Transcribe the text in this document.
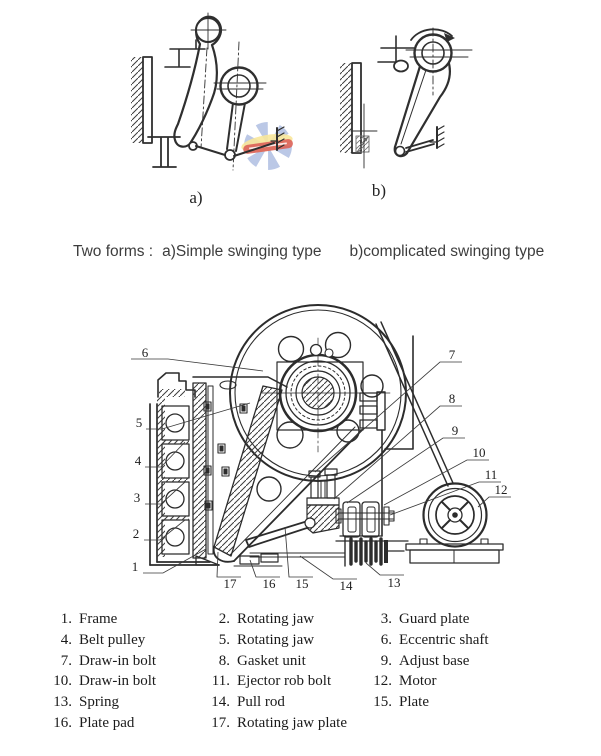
a)	b)
Two forms : a)Simple swinging type b)complicated swinging type
1
2
3
4
5
6	7
8
9
10
11
12
13
14
15
16
17
1. Frame	2. Rotating jaw	3. Guard plate
4. Belt pulley	5. Rotating jaw	6. Eccentric shaft
7. Draw-in bolt	8. Gasket unit	9. Adjust base
10. Draw-in bolt	11. Ejector rob bolt	12. Motor
13. Spring	14. Pull rod	15. Plate
16. Plate pad	17. Rotating jaw plate
